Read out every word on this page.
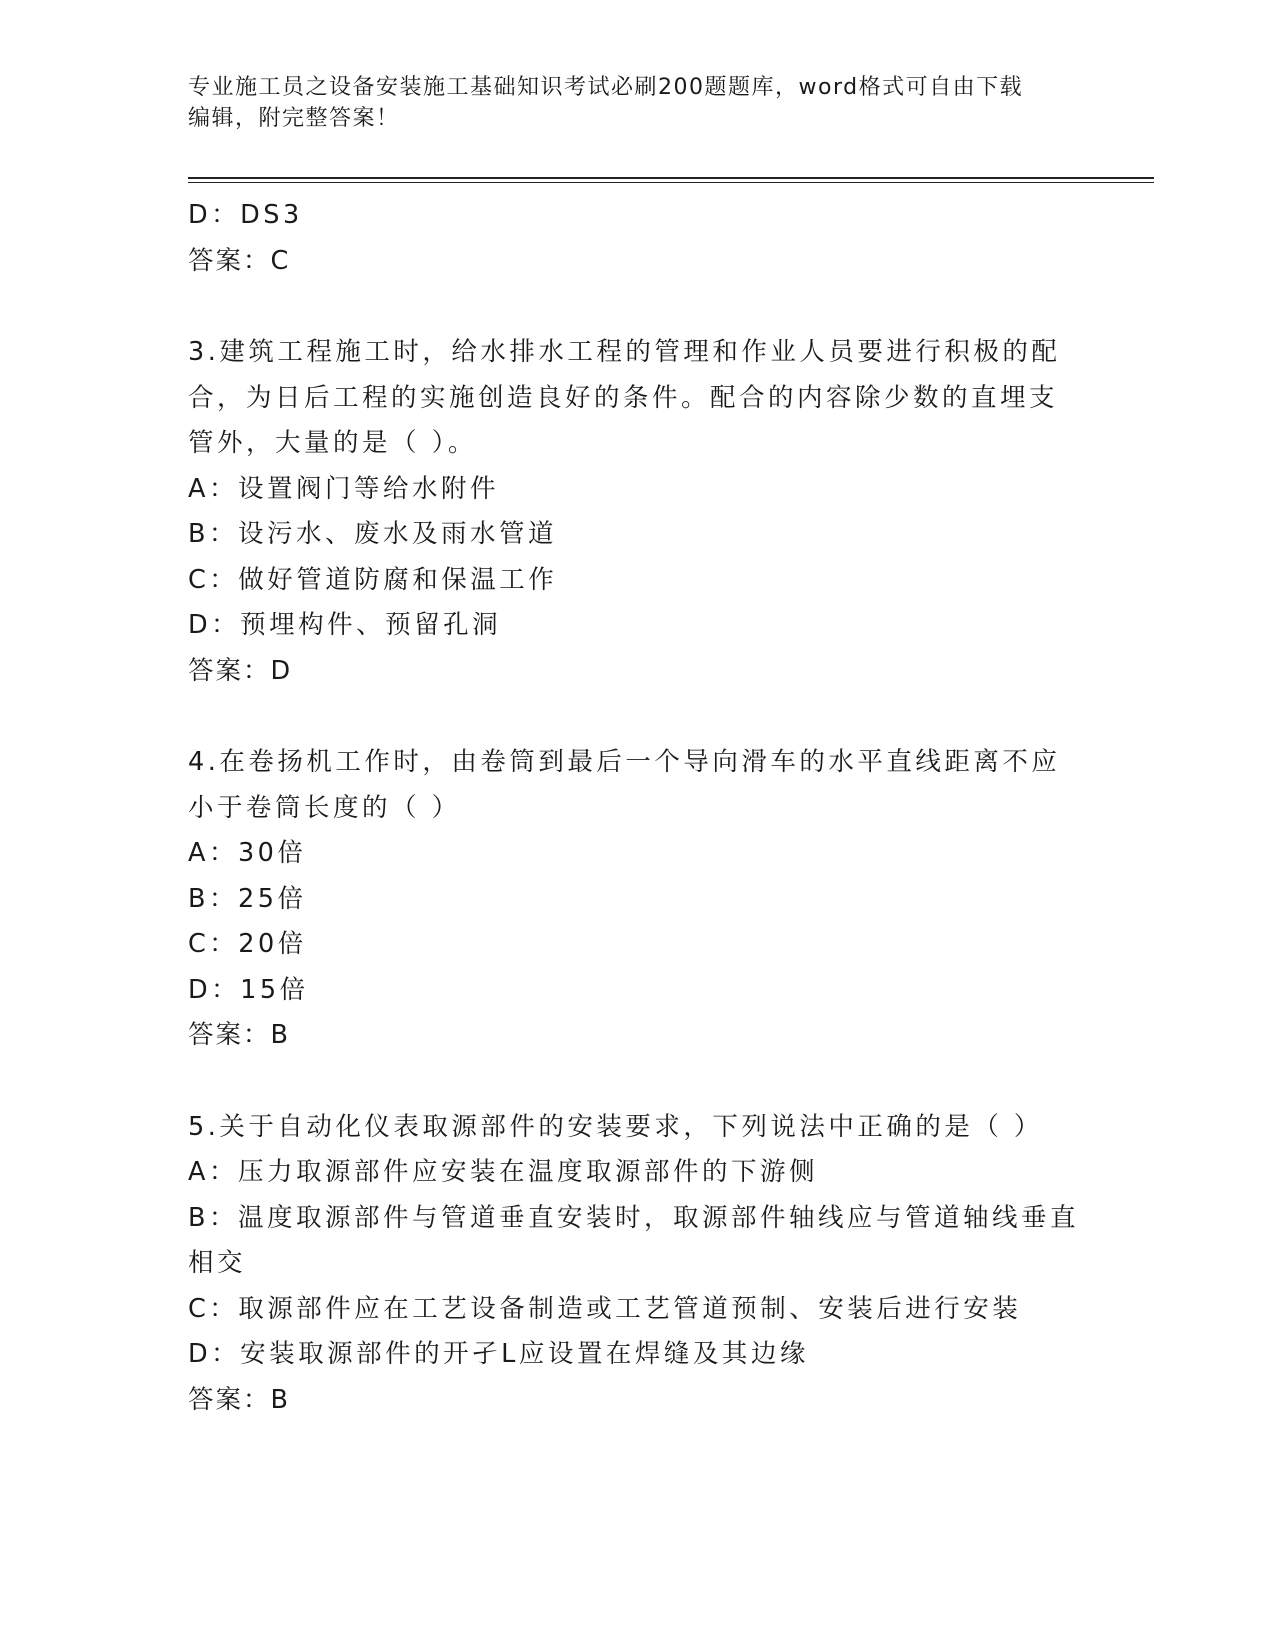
专业施工员之设备安装施工基础知识考试必刷200题题库，word格式可自由下载
编辑，附完整答案！

D：DS3

答案：C

3.建筑工程施工时，给水排水工程的管理和作业人员要进行积极的配

合，为日后工程的实施创造良好的条件。配合的内容除少数的直埋支

管外，大量的是（ ）。

A：设置阀门等给水附件

B：设污水、废水及雨水管道

C：做好管道防腐和保温工作

D：预埋构件、预留孔洞

答案：D

4.在卷扬机工作时，由卷筒到最后一个导向滑车的水平直线距离不应

小于卷筒长度的（ ）

A：30倍

B：25倍

C：20倍

D：15倍

答案：B

5.关于自动化仪表取源部件的安装要求，下列说法中正确的是（ ）

A：压力取源部件应安装在温度取源部件的下游侧

B：温度取源部件与管道垂直安装时，取源部件轴线应与管道轴线垂直

相交

C：取源部件应在工艺设备制造或工艺管道预制、安装后进行安装

D：安装取源部件的开孑L应设置在焊缝及其边缘

答案：B
